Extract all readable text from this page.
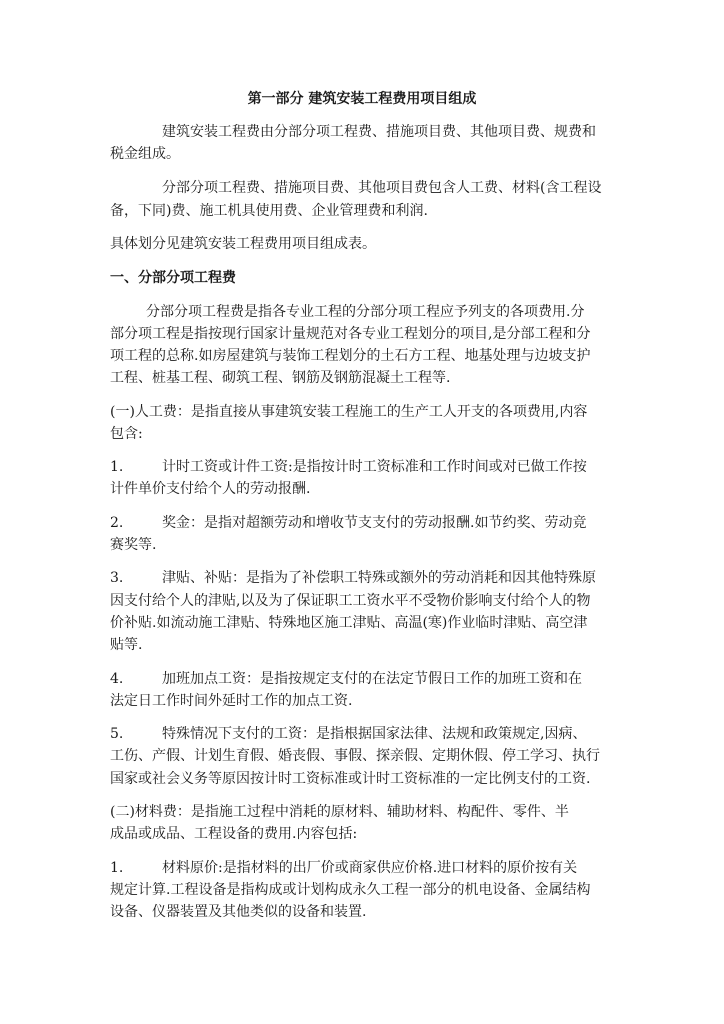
第一部分 建筑安装工程费用项目组成
建筑安装工程费由分部分项工程费、措施项目费、其他项目费、规费和
税金组成。
分部分项工程费、措施项目费、其他项目费包含人工费、材料(含工程设
备，下同)费、施工机具使用费、企业管理费和利润.
具体划分见建筑安装工程费用项目组成表。
一、分部分项工程费
分部分项工程费是指各专业工程的分部分项工程应予列支的各项费用.分
部分项工程是指按现行国家计量规范对各专业工程划分的项目,是分部工程和分
项工程的总称.如房屋建筑与装饰工程划分的土石方工程、地基处理与边坡支护
工程、桩基工程、砌筑工程、钢筋及钢筋混凝土工程等.
(一)人工费：是指直接从事建筑安装工程施工的生产工人开支的各项费用,内容
包含:
1.	计时工资或计件工资:是指按计时工资标准和工作时间或对已做工作按
计件单价支付给个人的劳动报酬.
2.	奖金：是指对超额劳动和增收节支支付的劳动报酬.如节约奖、劳动竞
赛奖等.
3.	津贴、补贴：是指为了补偿职工特殊或额外的劳动消耗和因其他特殊原
因支付给个人的津贴,以及为了保证职工工资水平不受物价影响支付给个人的物
价补贴.如流动施工津贴、特殊地区施工津贴、高温(寒)作业临时津贴、高空津
贴等.
4.	加班加点工资：是指按规定支付的在法定节假日工作的加班工资和在
法定日工作时间外延时工作的加点工资.
5.	特殊情况下支付的工资：是指根据国家法律、法规和政策规定,因病、
工伤、产假、计划生育假、婚丧假、事假、探亲假、定期休假、停工学习、执行
国家或社会义务等原因按计时工资标准或计时工资标准的一定比例支付的工资.
(二)材料费：是指施工过程中消耗的原材料、辅助材料、构配件、零件、半
成品或成品、工程设备的费用.内容包括:
1.	材料原价:是指材料的出厂价或商家供应价格.进口材料的原价按有关
规定计算.工程设备是指构成或计划构成永久工程一部分的机电设备、金属结构
设备、仪器装置及其他类似的设备和装置.
